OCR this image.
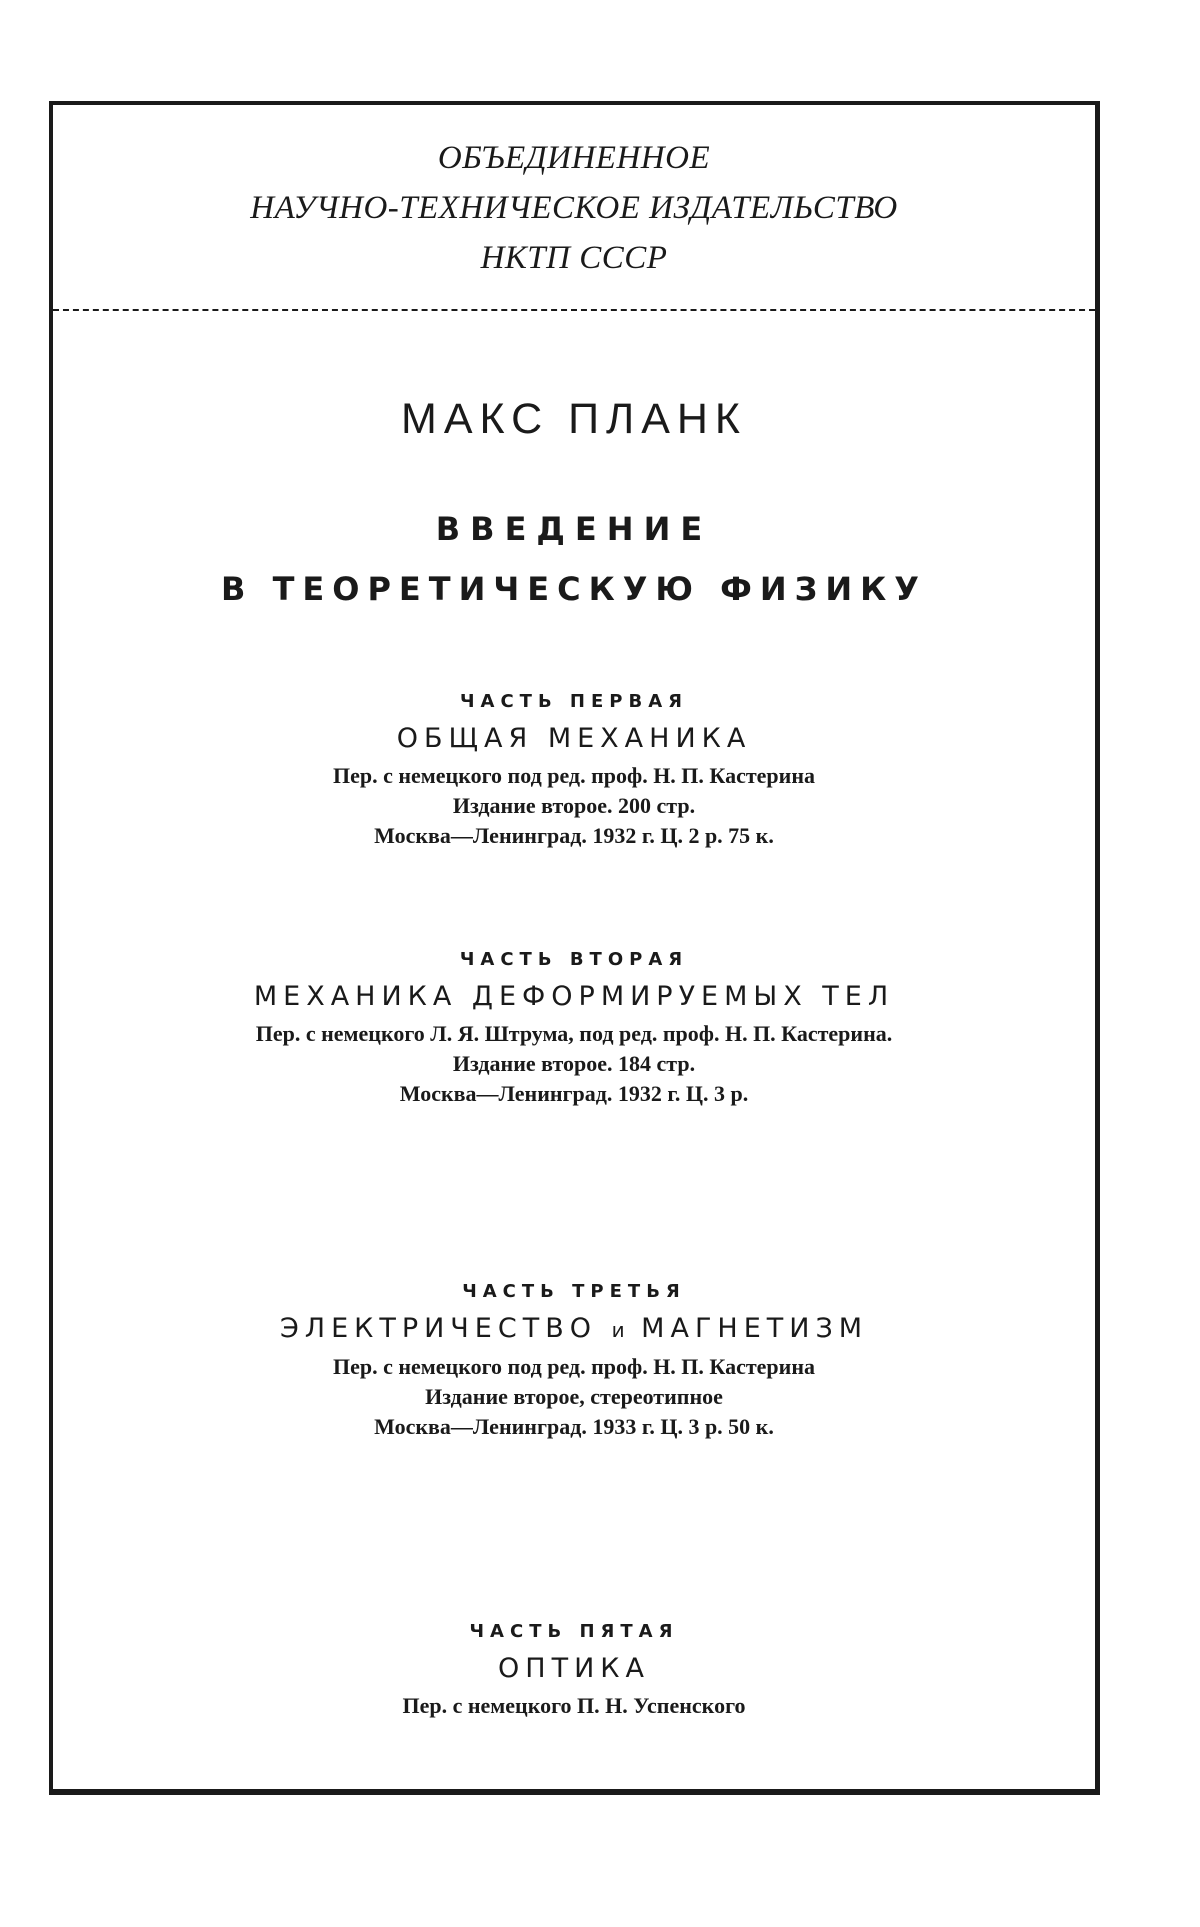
ОБЪЕДИНЕННОЕ
НАУЧНО-ТЕХНИЧЕСКОЕ ИЗДАТЕЛЬСТВО
НКТП СССР
МАКС ПЛАНК
ВВЕДЕНИЕ
В ТЕОРЕТИЧЕСКУЮ ФИЗИКУ
ЧАСТЬ ПЕРВАЯ
ОБЩАЯ МЕХАНИКА
Пер. с немецкого под ред. проф. Н. П. Кастерина
Издание второе. 200 стр.
Москва—Ленинград. 1932 г. Ц. 2 р. 75 к.
ЧАСТЬ ВТОРАЯ
МЕХАНИКА ДЕФОРМИРУЕМЫХ ТЕЛ
Пер. с немецкого Л. Я. Штрума, под ред. проф. Н. П. Кастерина.
Издание второе. 184 стр.
Москва—Ленинград. 1932 г. Ц. 3 р.
ЧАСТЬ ТРЕТЬЯ
ЭЛЕКТРИЧЕСТВО и МАГНЕТИЗМ
Пер. с немецкого под ред. проф. Н. П. Кастерина
Издание второе, стереотипное
Москва—Ленинград. 1933 г. Ц. 3 р. 50 к.
ЧАСТЬ ПЯТАЯ
ОПТИКА
Пер. с немецкого П. Н. Успенского
